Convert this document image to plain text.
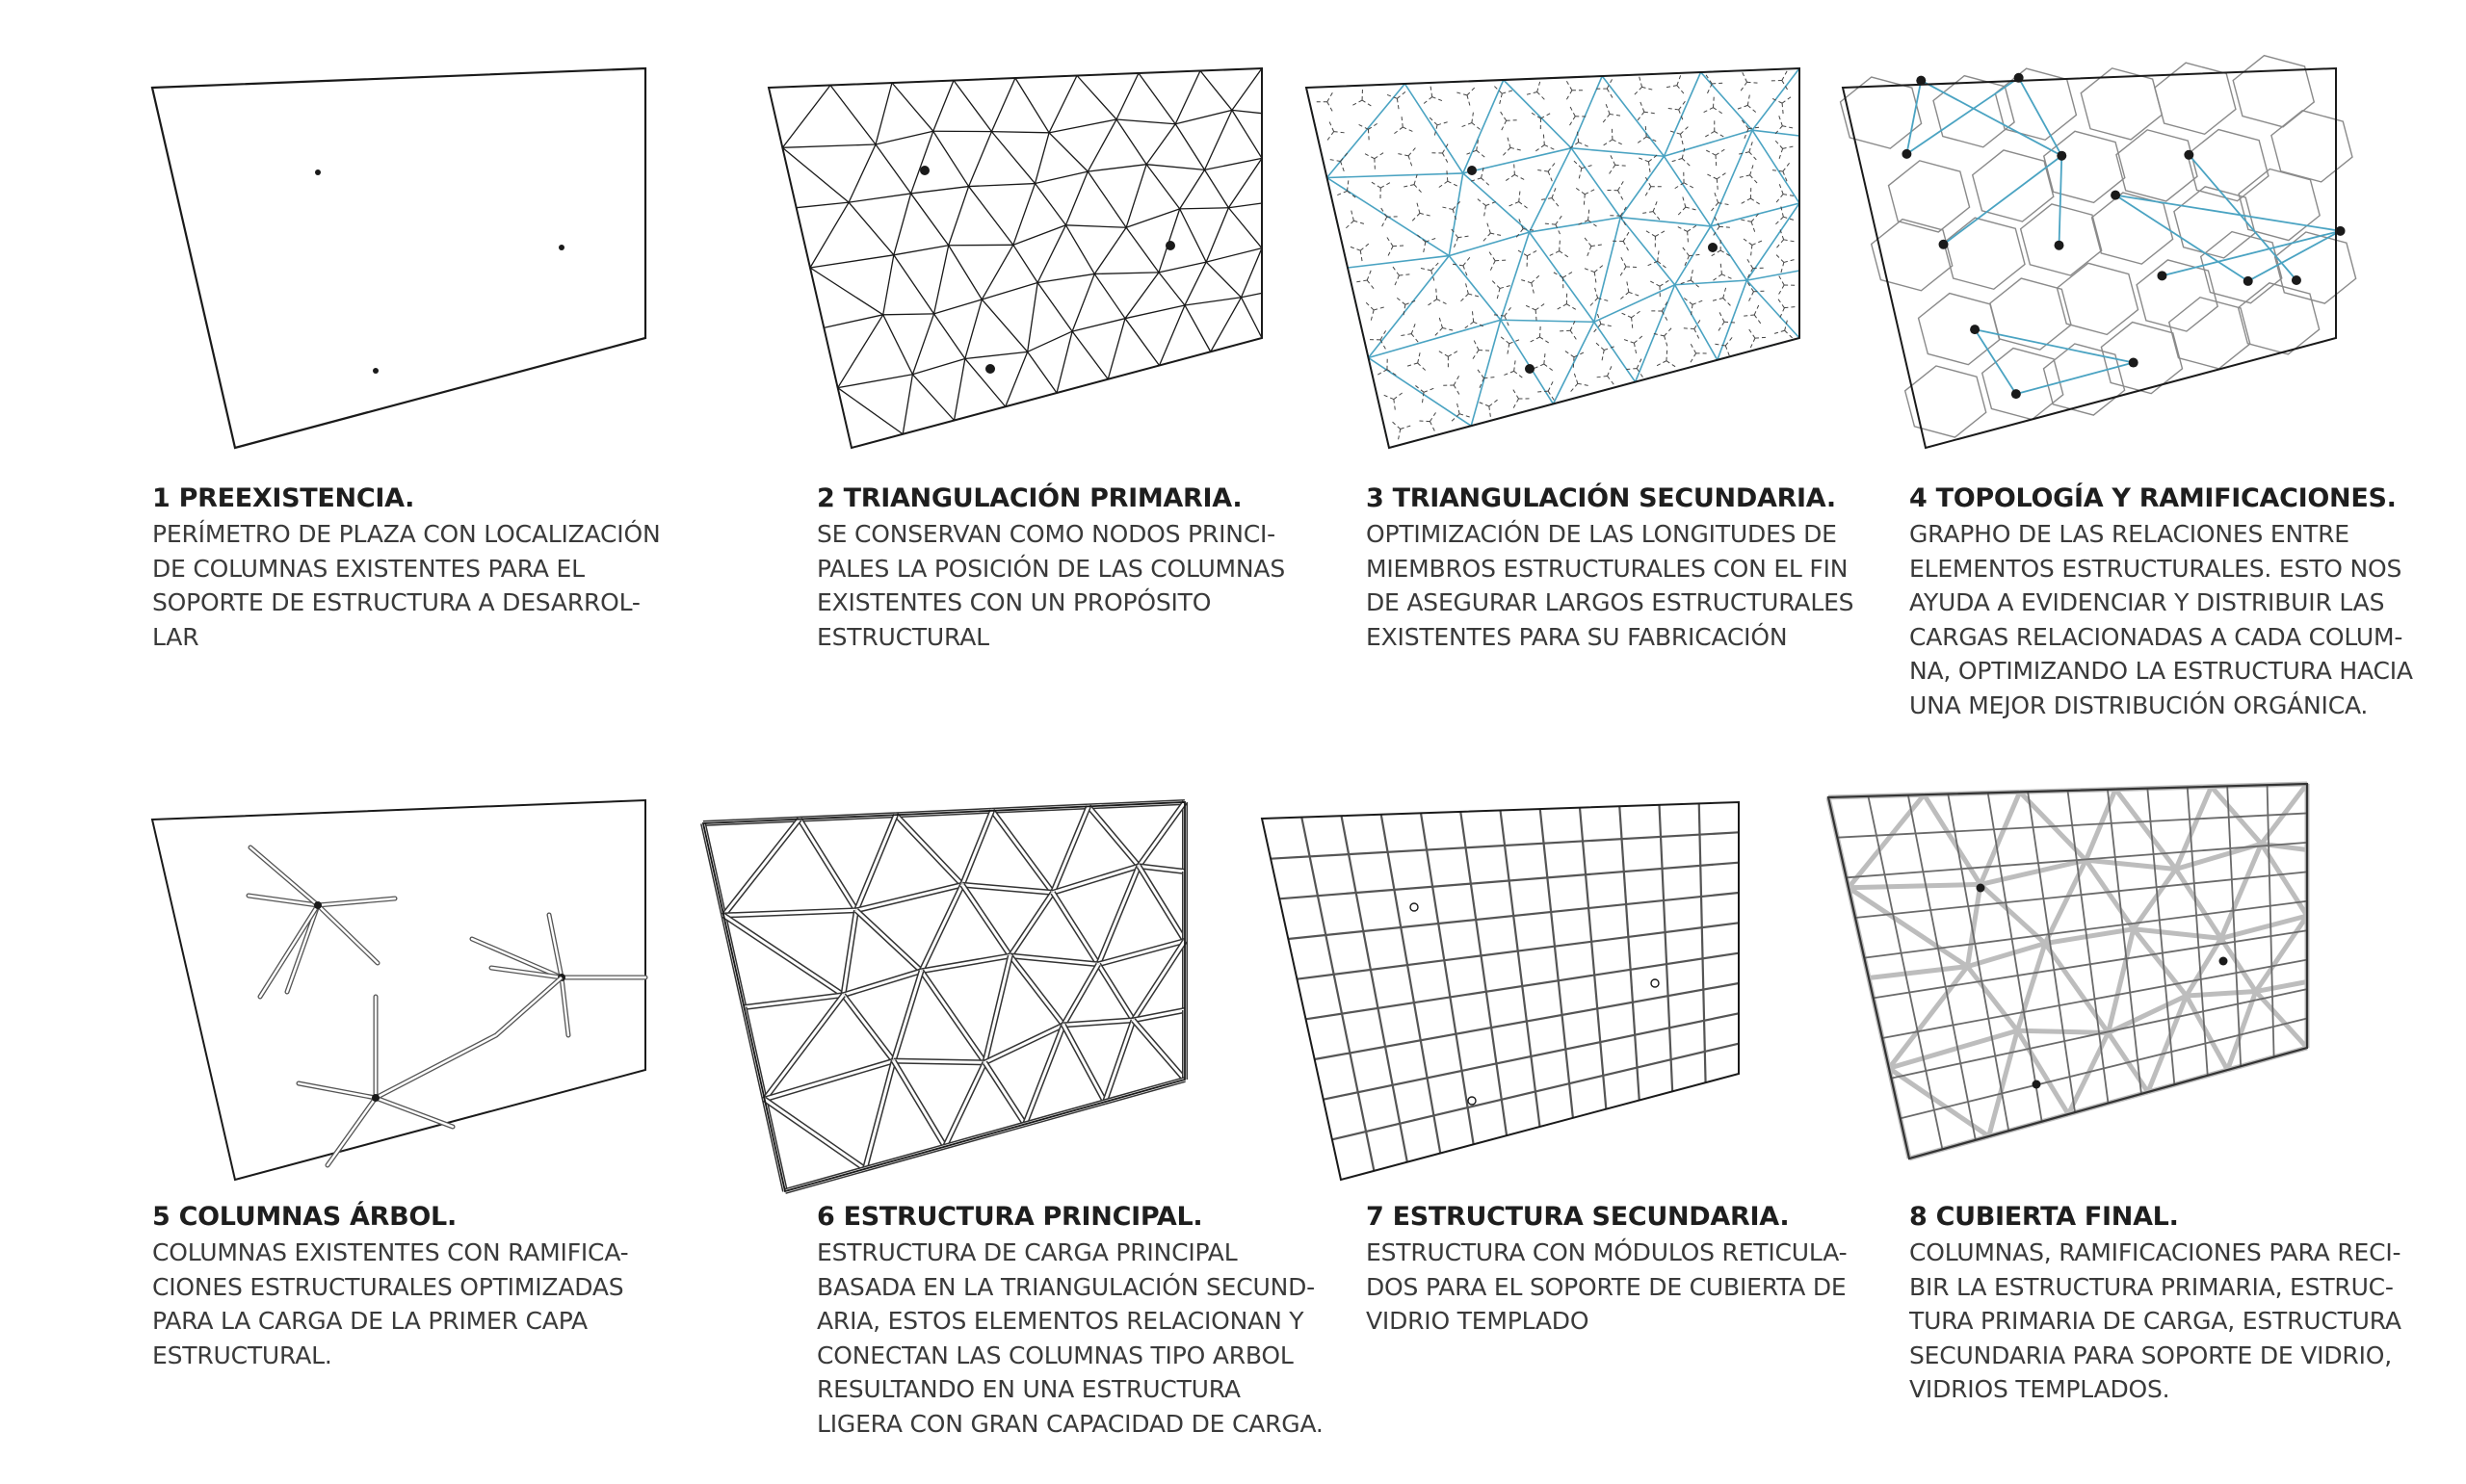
1 PREEXISTENCIA.

PERÍMETRO DE PLAZA CON LOCALIZACIÓN

DE COLUMNAS EXISTENTES PARA EL

SOPORTE DE ESTRUCTURA A DESARROL-

LAR

2 TRIANGULACIÓN PRIMARIA.

SE CONSERVAN COMO NODOS PRINCI-

PALES LA POSICIÓN DE LAS COLUMNAS

EXISTENTES CON UN PROPÓSITO

ESTRUCTURAL

3 TRIANGULACIÓN SECUNDARIA.

OPTIMIZACIÓN DE LAS LONGITUDES DE

MIEMBROS ESTRUCTURALES CON EL FIN

DE ASEGURAR LARGOS ESTRUCTURALES

EXISTENTES PARA SU FABRICACIÓN

4 TOPOLOGÍA Y RAMIFICACIONES.

GRAPHO DE LAS RELACIONES ENTRE

ELEMENTOS ESTRUCTURALES. ESTO NOS

AYUDA A EVIDENCIAR Y DISTRIBUIR LAS

CARGAS RELACIONADAS A CADA COLUM-

NA, OPTIMIZANDO LA ESTRUCTURA HACIA

UNA MEJOR DISTRIBUCIÓN ORGÁNICA.

5 COLUMNAS ÁRBOL.

COLUMNAS EXISTENTES CON RAMIFICA-

CIONES ESTRUCTURALES OPTIMIZADAS

PARA LA CARGA DE LA PRIMER CAPA

ESTRUCTURAL.

6 ESTRUCTURA PRINCIPAL.

ESTRUCTURA DE CARGA PRINCIPAL

BASADA EN LA TRIANGULACIÓN SECUND-

ARIA, ESTOS ELEMENTOS RELACIONAN Y

CONECTAN LAS COLUMNAS TIPO ARBOL

RESULTANDO EN UNA ESTRUCTURA

LIGERA CON GRAN CAPACIDAD DE CARGA.

7 ESTRUCTURA SECUNDARIA.

ESTRUCTURA CON MÓDULOS RETICULA-

DOS PARA EL SOPORTE DE CUBIERTA DE

VIDRIO TEMPLADO

8 CUBIERTA FINAL.

COLUMNAS, RAMIFICACIONES PARA RECI-

BIR LA ESTRUCTURA PRIMARIA, ESTRUC-

TURA PRIMARIA DE CARGA, ESTRUCTURA

SECUNDARIA PARA SOPORTE DE VIDRIO,

VIDRIOS TEMPLADOS.
